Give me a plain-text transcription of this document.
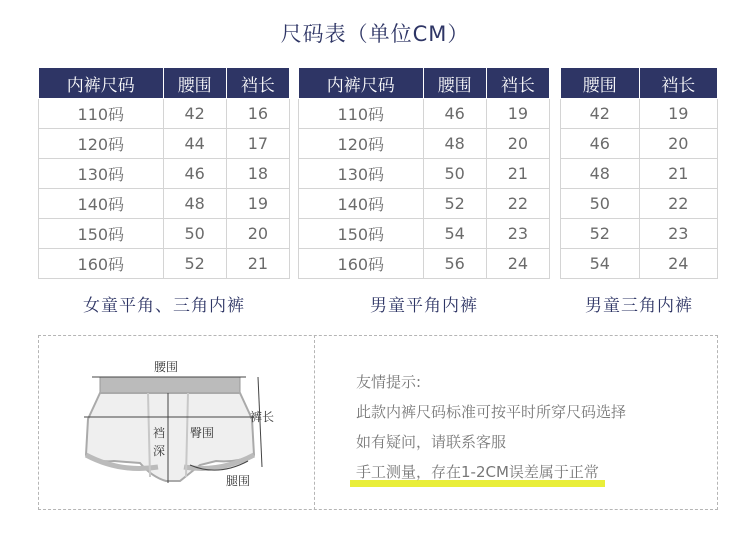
尺码表（单位CM）
内裤尺码	腰围	裆长
110码	42	16
120码	44	17
130码	46	18
140码	48	19
150码	50	20
160码	52	21
内裤尺码	腰围	裆长
110码	46	19
120码	48	20
130码	50	21
140码	52	22
150码	54	23
160码	56	24
腰围	裆长
42	19
46	20
48	21
50	22
52	23
54	24
女童平角、三角内裤	男童平角内裤	男童三角内裤
腰围
裤长
臀围
裆 深
腿围
友情提示:
此款内裤尺码标准可按平时所穿尺码选择
如有疑问，请联系客服
手工测量，存在1-2CM误差属于正常
